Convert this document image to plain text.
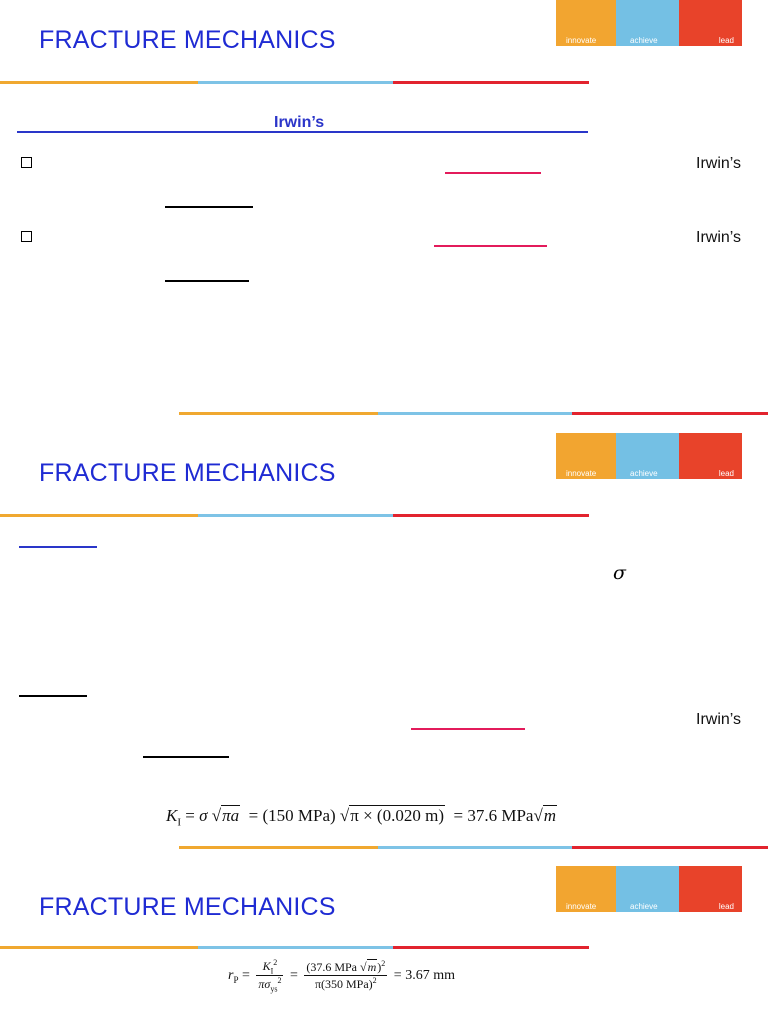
FRACTURE MECHANICS	innovate	achieve	lead
Irwin’s
Irwin’s
Irwin’s
FRACTURE MECHANICS	innovate	achieve	lead
σ
Irwin’s
$K_I = \sigma$ √πa = (150 MPa) √π × (0.020 m) = 37.6 MPa√m
FRACTURE MECHANICS	innovate	achieve	lead
$r_P = \frac{K_I^2}{\pi\sigma_{ys}^2} = \frac{(37.6 MPa √m)^2}{\pi(350 MPa)^2} = 3.67$ mm
